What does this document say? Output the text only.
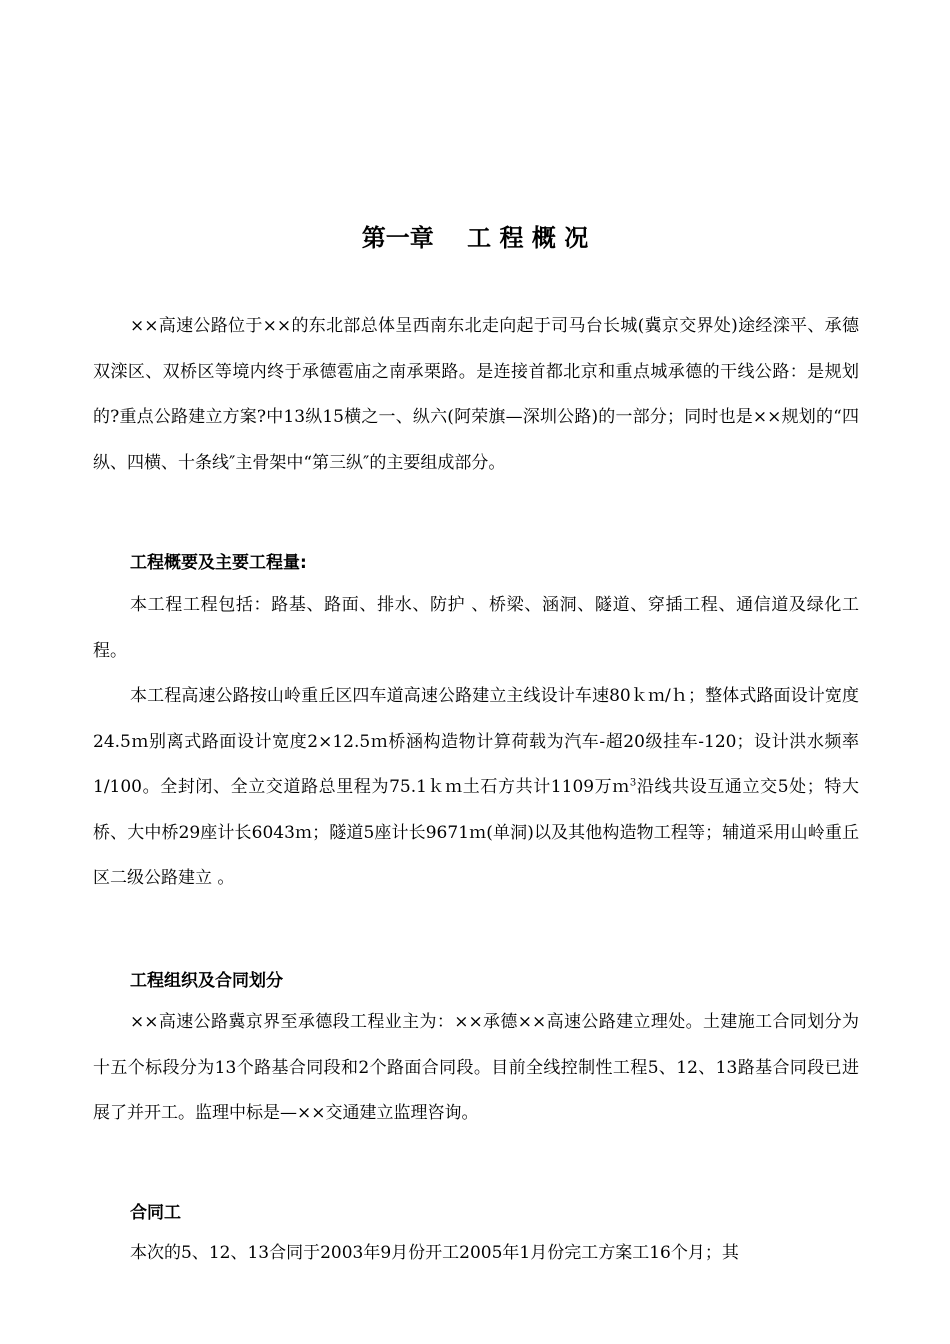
第一章    工 程 概 况

××高速公路位于××的东北部总体呈西南东北走向起于司马台长城(冀京交界处)途经滦平、承德双滦区、双桥区等境内终于承德雹庙之南承栗路。是连接首都北京和重点城承德的干线公路：是规划的?重点公路建立方案?中13纵15横之一、纵六(阿荣旗—深圳公路)的一部分；同时也是××规划的“四纵、四横、十条线″主骨架中“第三纵″的主要组成部分。

工程概要及主要工程量:

本工程工程包括：路基、路面、排水、防护 、桥梁、涵洞、隧道、穿插工程、通信道及绿化工程。

本工程高速公路按山岭重丘区四车道高速公路建立主线设计车速80ｋｍ/ｈ；整体式路面设计宽度24.5ｍ别离式路面设计宽度2×12.5ｍ桥涵构造物计算荷载为汽车-超20级挂车-120；设计洪水频率1/100。全封闭、全立交道路总里程为75.1ｋｍ土石方共计1109万ｍ$^3$沿线共设互通立交5处；特大桥、大中桥29座计长6043ｍ；隧道5座计长9671ｍ(单洞)以及其他构造物工程等；辅道采用山岭重丘区二级公路建立 。

工程组织及合同划分

××高速公路冀京界至承德段工程业主为：××承德××高速公路建立理处。土建施工合同划分为十五个标段分为13个路基合同段和2个路面合同段。目前全线控制性工程5、12、13路基合同段已进展了并开工。监理中标是—××交通建立监理咨询。

合同工

本次的5、12、13合同于2003年9月份开工2005年1月份完工方案工16个月；其
